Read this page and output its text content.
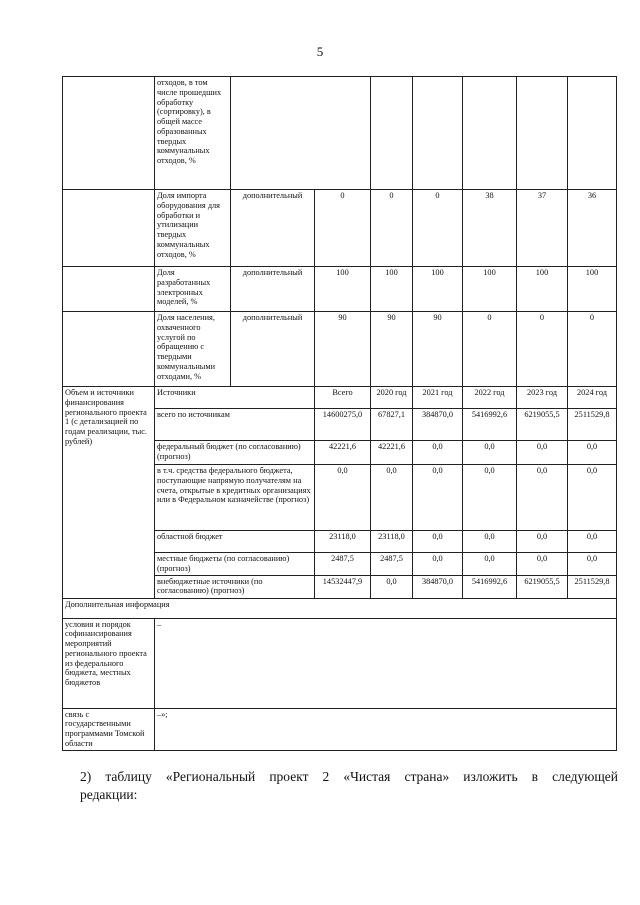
5
	отходов, в том числе прошедших обработку (сортировку), в общей массе образованных твердых коммунальных отходов, %							
	Доля импорта оборудования для обработки и утилизации твердых коммунальных отходов, %	дополнительный	0	0	0	38	37	36
	Доля разработанных электронных моделей, %	дополнительный	100	100	100	100	100	100
	Доля населения, охваченного услугой по обращению с твердыми коммунальными отходами, %	дополнительный	90	90	90	0	0	0
Объем и источники финансирования регионального проекта 1 (с детализацией по годам реализации, тыс. рублей)	Источники		Всего	2020 год	2021 год	2022 год	2023 год	2024 год
	всего по источникам		14600275,0	67827,1	384870,0	5416992,6	6219055,5	2511529,8
	федеральный бюджет (по согласованию) (прогноз)		42221,6	42221,6	0,0	0,0	0,0	0,0
	в т.ч. средства федерального бюджета, поступающие напрямую получателям на счета, открытые в кредитных организациях или в Федеральном казначействе (прогноз)		0,0	0,0	0,0	0,0	0,0	0,0
	областной бюджет		23118,0	23118,0	0,0	0,0	0,0	0,0
	местные бюджеты (по согласованию) (прогноз)		2487,5	2487,5	0,0	0,0	0,0	0,0
	внебюджетные источники (по согласованию) (прогноз)		14532447,9	0,0	384870,0	5416992,6	6219055,5	2511529,8
Дополнительная информация								
условия и порядок софинансирования мероприятий регионального проекта из федерального бюджета, местных бюджетов	–							
связь с государственными программами Томской области	–»;							
2) таблицу «Региональный проект 2 «Чистая страна» изложить в следующей
редакции:
